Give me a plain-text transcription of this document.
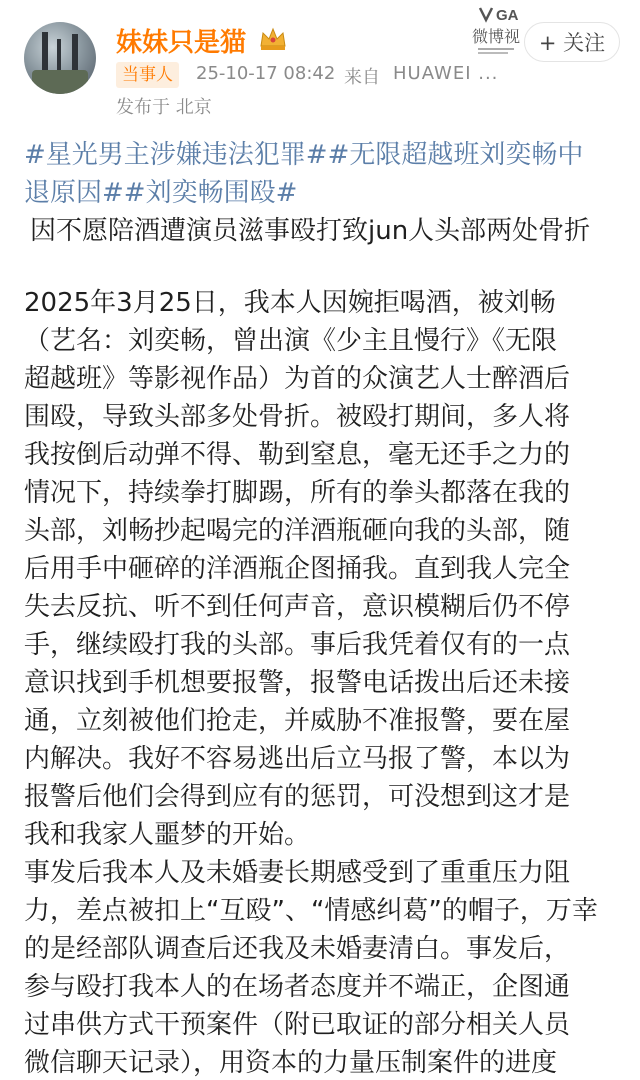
妹妹只是猫
GA
微博视 + 关注
当事人	25-10-17 08:42 来自 HUAWEI ...
发布于 北京
#星光男主涉嫌违法犯罪##无限超越班刘奕畅中
退原因##刘奕畅围殴#
因不愿陪酒遭演员滋事殴打致jun人头部两处骨折
2025年3月25日，我本人因婉拒喝酒，被刘畅
（艺名：刘奕畅，曾出演《少主且慢行》《无限
超越班》等影视作品）为首的众演艺人士醉酒后
围殴，导致头部多处骨折。被殴打期间，多人将
我按倒后动弹不得、勒到窒息，毫无还手之力的
情况下，持续拳打脚踢，所有的拳头都落在我的
头部，刘畅抄起喝完的洋酒瓶砸向我的头部，随
后用手中砸碎的洋酒瓶企图捅我。直到我人完全
失去反抗、听不到任何声音，意识模糊后仍不停
手，继续殴打我的头部。事后我凭着仅有的一点
意识找到手机想要报警，报警电话拨出后还未接
通，立刻被他们抢走，并威胁不准报警，要在屋
内解决。我好不容易逃出后立马报了警，本以为
报警后他们会得到应有的惩罚，可没想到这才是
我和我家人噩梦的开始。
事发后我本人及未婚妻长期感受到了重重压力阻
力，差点被扣上“互殴”、“情感纠葛”的帽子，万幸
的是经部队调查后还我及未婚妻清白。事发后，
参与殴打我本人的在场者态度并不端正，企图通
过串供方式干预案件（附已取证的部分相关人员
微信聊天记录），用资本的力量压制案件的进度
